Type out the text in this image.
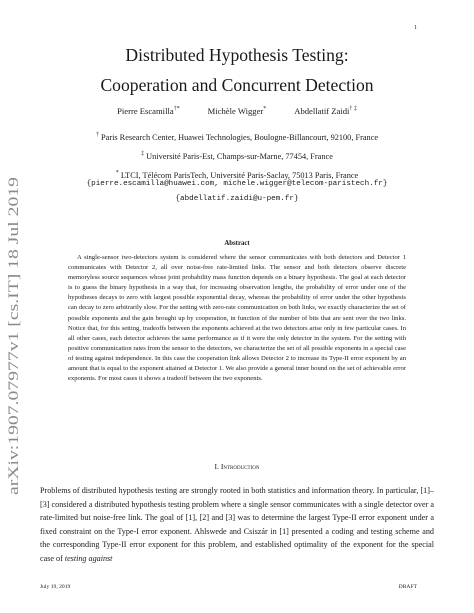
1
arXiv:1907.07977v1 [cs.IT] 18 Jul 2019
Distributed Hypothesis Testing:
Cooperation and Concurrent Detection
Pierre Escamilla†*	Michèle Wigger*	Abdellatif Zaidi† ‡
† Paris Research Center, Huawei Technologies, Boulogne-Billancourt, 92100, France
‡ Université Paris-Est, Champs-sur-Marne, 77454, France
* LTCI, Télécom ParisTech, Université Paris-Saclay, 75013 Paris, France
{pierre.escamilla@huawei.com, michele.wigger@telecom-paristech.fr}
{abdellatif.zaidi@u-pem.fr}
Abstract

A single-sensor two-detectors system is considered where the sensor communicates with both detectors and Detector 1 communicates with Detector 2, all over noise-free rate-limited links. The sensor and both detectors observe discrete memoryless source sequences whose joint probability mass function depends on a binary hypothesis. The goal at each detector is to guess the binary hypothesis in a way that, for increasing observation lengths, the probability of error under one of the hypotheses decays to zero with largest possible exponential decay, whereas the probability of error under the other hypothesis can decay to zero arbitrarily slow. For the setting with zero-rate communication on both links, we exactly characterize the set of possible exponents and the gain brought up by cooperation, in function of the number of bits that are sent over the two links. Notice that, for this setting, tradeoffs between the exponents achieved at the two detectors arise only in few particular cases. In all other cases, each detector achieves the same performance as if it were the only detector in the system. For the setting with positive communication rates from the sensor to the detectors, we characterize the set of all possible exponents in a special case of testing against independence. In this case the cooperation link allows Detector 2 to increase its Type-II error exponent by an amount that is equal to the exponent attained at Detector 1. We also provide a general inner bound on the set of achievable error exponents. For most cases it shows a tradeoff between the two exponents.

I. Introduction

Problems of distributed hypothesis testing are strongly rooted in both statistics and information theory. In particular, [1]–[3] considered a distributed hypothesis testing problem where a single sensor communicates with a single detector over a rate-limited but noise-free link. The goal of [1], [2] and [3] was to determine the largest Type-II error exponent under a fixed constraint on the Type-I error exponent. Ahlswede and Csiszár in [1] presented a coding and testing scheme and the corresponding Type-II error exponent for this problem, and established optimality of the exponent for the special case of testing against

July 19, 2019	DRAFT
